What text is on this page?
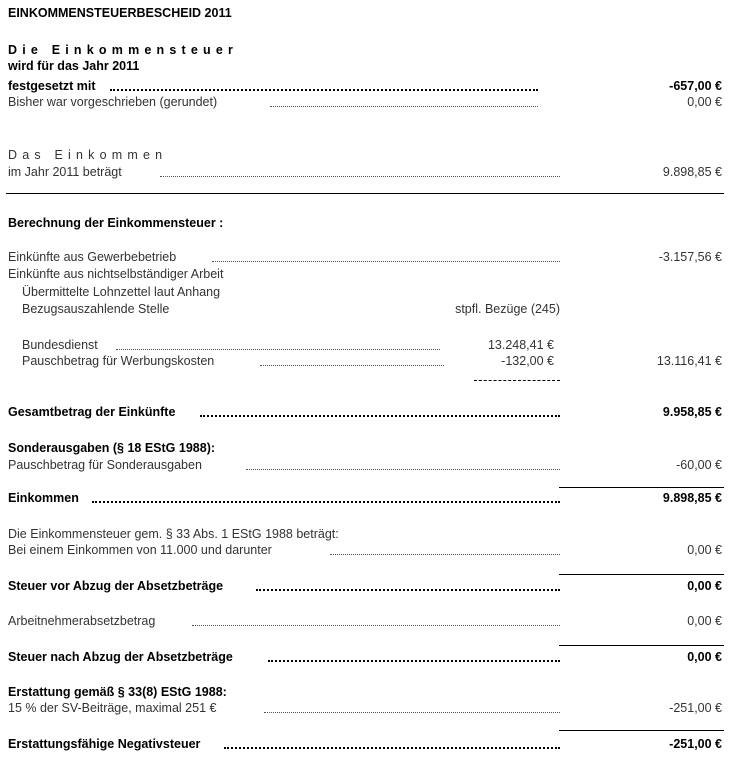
EINKOMMENSTEUERBESCHEID 2011
Die Einkommensteuer
wird für das Jahr 2011
festgesetzt mit	-657,00 €
Bisher war vorgeschrieben (gerundet)	0,00 €
Das Einkommen
im Jahr 2011 beträgt	9.898,85 €
Berechnung der Einkommensteuer :
Einkünfte aus Gewerbebetrieb	-3.157,56 €
Einkünfte aus nichtselbständiger Arbeit
Übermittelte Lohnzettel laut Anhang
Bezugsauszahlende Stelle	stpfl. Bezüge (245)
Bundesdienst	13.248,41 €
Pauschbetrag für Werbungskosten	-132,00 €	13.116,41 €
Gesamtbetrag der Einkünfte	9.958,85 €
Sonderausgaben (§ 18 EStG 1988):
Pauschbetrag für Sonderausgaben	-60,00 €
Einkommen	9.898,85 €
Die Einkommensteuer gem. § 33 Abs. 1 EStG 1988 beträgt:
Bei einem Einkommen von 11.000 und darunter	0,00 €
Steuer vor Abzug der Absetzbeträge	0,00 €
Arbeitnehmerabsetzbetrag	0,00 €
Steuer nach Abzug der Absetzbeträge	0,00 €
Erstattung gemäß § 33(8) EStG 1988:
15 % der SV-Beiträge, maximal 251 €	-251,00 €
Erstattungsfähige Negativsteuer	-251,00 €
